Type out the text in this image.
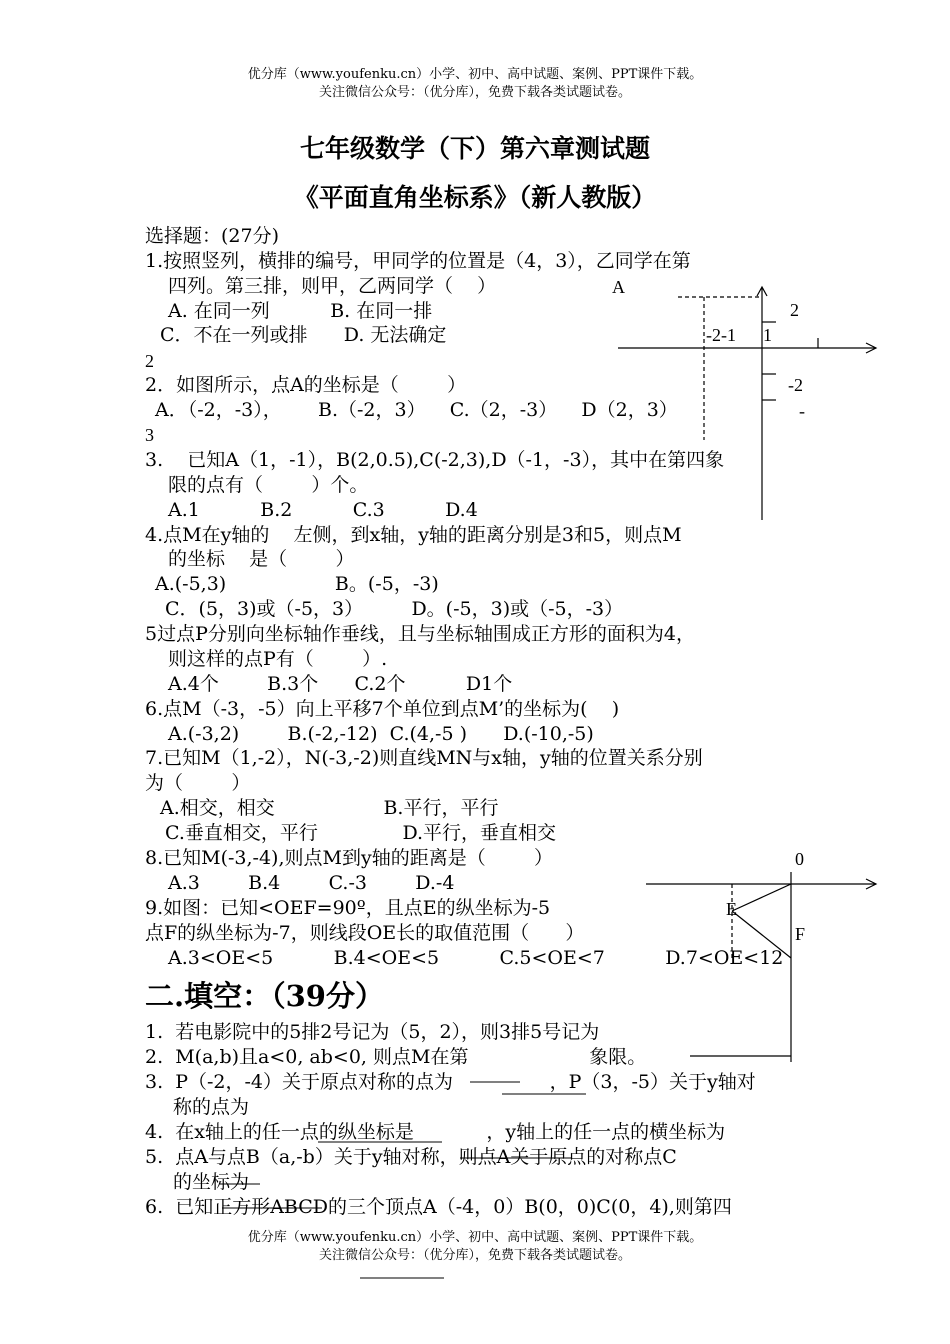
优分库（www.youfenku.cn）小学、初中、高中试题、案例、PPT课件下载。
关注微信公众号：（优分库），免费下载各类试题试卷。
七年级数学（下）第六章测试题
《平面直角坐标系》（新人教版）
选择题：(27分)
1.按照竖列，横排的编号，甲同学的位置是（4，3），乙同学在第
四列。第三排，则甲，乙两同学（    ）
A. 在同一列          B. 在同一排
C．不在一列或排      D. 无法确定
2．如图所示，点A的坐标是（        ）
A．（-2，-3），      B.（-2，3）    C.（2，-3）    D（2，3）
3.    已知A（1，-1），B(2,0.5),C(-2,3),D（-1，-3），其中在第四象
限的点有（        ）个。
A.1          B.2          C.3          D.4
4.点M在y轴的    左侧，到x轴，y轴的距离分别是3和5，则点M
的坐标    是（        ）
A.(-5,3)                  B。(-5，-3)
C．(5，3)或（-5，3）        D。(-5，3)或（-5，-3）
5过点P分别向坐标轴作垂线，且与坐标轴围成正方形的面积为4，
则这样的点P有（        ）.
A.4个        B.3个      C.2个          D1个
6.点M（-3，-5）向上平移7个单位到点M’的坐标为(    )
A.(-3,2)        B.(-2,-12)  C.(4,-5 )      D.(-10,-5)
7.已知M（1,-2），N(-3,-2)则直线MN与x轴，y轴的位置关系分别
为（        ）
A.相交，相交                  B.平行，平行
C.垂直相交，平行              D.平行，垂直相交
8.已知M(-3,-4),则点M到y轴的距离是（        ）
A.3        B.4        C.-3        D.-4
9.如图：已知<OEF=90º，且点E的纵坐标为-5
点F的纵坐标为-7，则线段OE长的取值范围（      ）
A.3<OE<5          B.4<OE<5          C.5<OE<7          D.7<OE<12
二.填空：（39分）
1.  若电影院中的5排2号记为（5，2），则3排5号记为
2.  M(a,b)且a<0, ab<0, 则点M在第                    象限。
3.  P（-2，-4）关于原点对称的点为                ，P（3，-5）关于y轴对
称的点为
4.  在x轴上的任一点的纵坐标是            ，y轴上的任一点的横坐标为
5.  点A与点B（a,-b）关于y轴对称，则点A关于原点的对称点C
的坐标为
6.  已知正方形ABCD的三个顶点A（-4，0）B(0，0)C(0，4),则第四
优分库（www.youfenku.cn）小学、初中、高中试题、案例、PPT课件下载。
关注微信公众号：（优分库），免费下载各类试题试卷。
A
2
-2-1      1
2
-2
-
3
0
E
F
